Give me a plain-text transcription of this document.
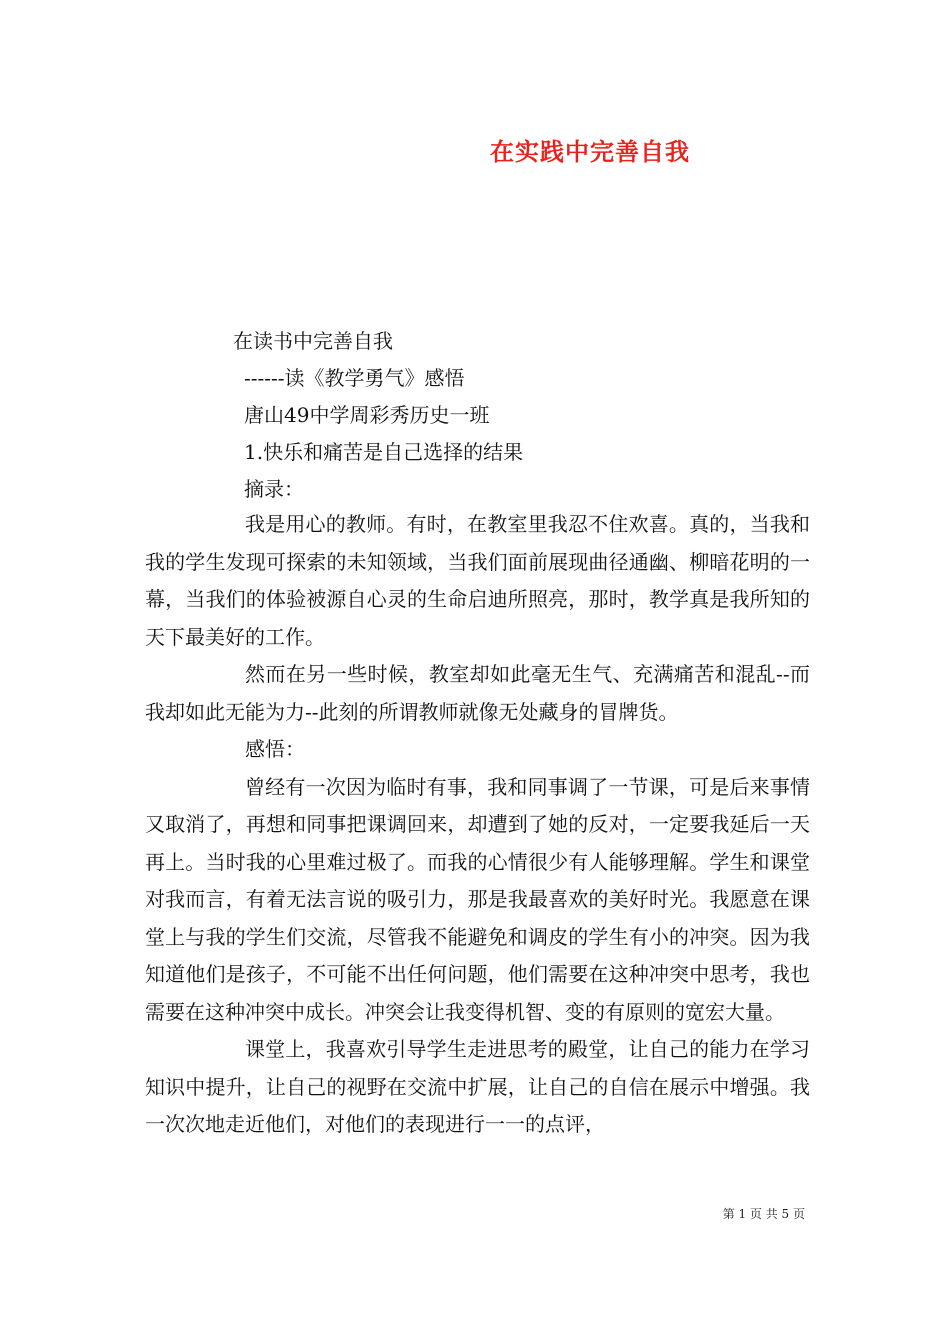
在实践中完善自我
在读书中完善自我
------读《教学勇气》感悟
唐山49中学周彩秀历史一班
1.快乐和痛苦是自己选择的结果
摘录：

我是用心的教师。有时，在教室里我忍不住欢喜。真的，当我和我的学生发现可探索的未知领域，当我们面前展现曲径通幽、柳暗花明的一幕，当我们的体验被源自心灵的生命启迪所照亮，那时，教学真是我所知的天下最美好的工作。

然而在另一些时候，教室却如此毫无生气、充满痛苦和混乱--而我却如此无能为力--此刻的所谓教师就像无处藏身的冒牌货。

感悟：

曾经有一次因为临时有事，我和同事调了一节课，可是后来事情又取消了，再想和同事把课调回来，却遭到了她的反对，一定要我延后一天再上。当时我的心里难过极了。而我的心情很少有人能够理解。学生和课堂对我而言，有着无法言说的吸引力，那是我最喜欢的美好时光。我愿意在课堂上与我的学生们交流，尽管我不能避免和调皮的学生有小的冲突。因为我知道他们是孩子，不可能不出任何问题，他们需要在这种冲突中思考，我也需要在这种冲突中成长。冲突会让我变得机智、变的有原则的宽宏大量。

课堂上，我喜欢引导学生走进思考的殿堂，让自己的能力在学习知识中提升，让自己的视野在交流中扩展，让自己的自信在展示中增强。我一次次地走近他们，对他们的表现进行一一的点评，

第 1 页 共 5 页
